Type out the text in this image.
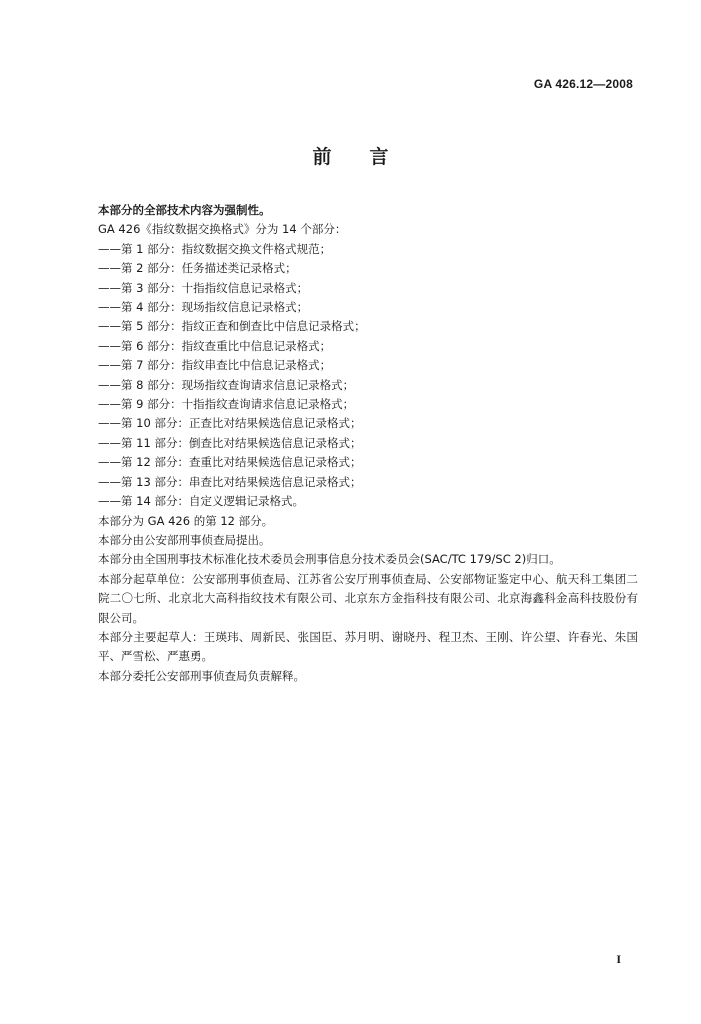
GA 426.12—2008
前言

本部分的全部技术内容为强制性。

GA 426《指纹数据交换格式》分为 14 个部分：

——第 1 部分：指纹数据交换文件格式规范；

——第 2 部分：任务描述类记录格式；

——第 3 部分：十指指纹信息记录格式；

——第 4 部分：现场指纹信息记录格式；

——第 5 部分：指纹正查和倒查比中信息记录格式；

——第 6 部分：指纹查重比中信息记录格式；

——第 7 部分：指纹串查比中信息记录格式；

——第 8 部分：现场指纹查询请求信息记录格式；

——第 9 部分：十指指纹查询请求信息记录格式；

——第 10 部分：正查比对结果候选信息记录格式；

——第 11 部分：倒查比对结果候选信息记录格式；

——第 12 部分：查重比对结果候选信息记录格式；

——第 13 部分：串查比对结果候选信息记录格式；

——第 14 部分：自定义逻辑记录格式。

本部分为 GA 426 的第 12 部分。

本部分由公安部刑事侦查局提出。

本部分由全国刑事技术标准化技术委员会刑事信息分技术委员会(SAC/TC 179/SC 2)归口。

本部分起草单位：公安部刑事侦查局、江苏省公安厅刑事侦查局、公安部物证鉴定中心、航天科工集团二院二〇七所、北京北大高科指纹技术有限公司、北京东方金指科技有限公司、北京海鑫科金高科技股份有限公司。

本部分主要起草人：王瑛玮、周新民、张国臣、苏月明、谢晓丹、程卫杰、王刚、许公望、许春光、朱国平、严雪松、严惠勇。

本部分委托公安部刑事侦查局负责解释。

I
